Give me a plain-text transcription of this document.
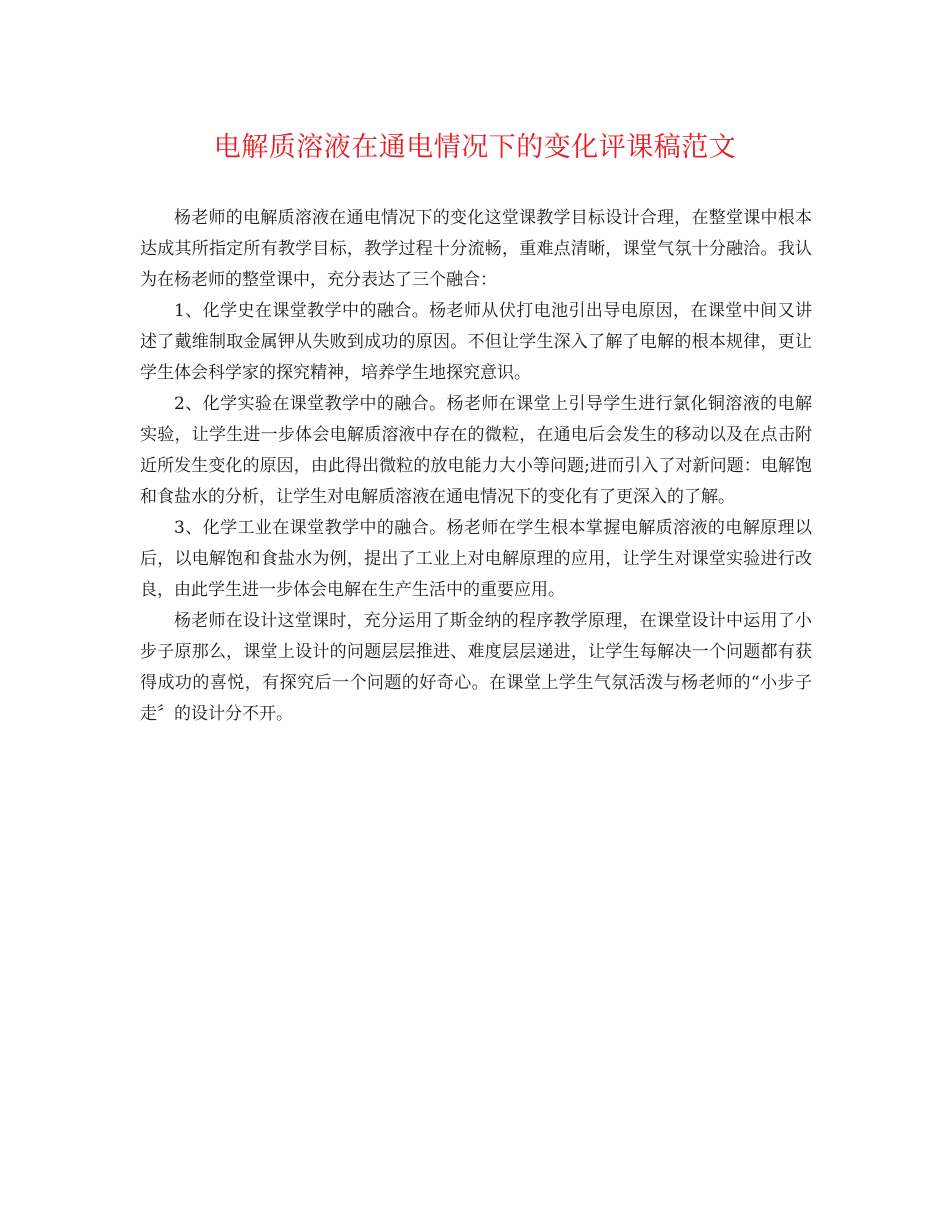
电解质溶液在通电情况下的变化评课稿范文

杨老师的电解质溶液在通电情况下的变化这堂课教学目标设计合理，在整堂课中根本达成其所指定所有教学目标，教学过程十分流畅，重难点清晰，课堂气氛十分融洽。我认为在杨老师的整堂课中，充分表达了三个融合：

1、化学史在课堂教学中的融合。杨老师从伏打电池引出导电原因，在课堂中间又讲述了戴维制取金属钾从失败到成功的原因。不但让学生深入了解了电解的根本规律，更让学生体会科学家的探究精神，培养学生地探究意识。

2、化学实验在课堂教学中的融合。杨老师在课堂上引导学生进行氯化铜溶液的电解实验，让学生进一步体会电解质溶液中存在的微粒，在通电后会发生的移动以及在点击附近所发生变化的原因，由此得出微粒的放电能力大小等问题;进而引入了对新问题：电解饱和食盐水的分析，让学生对电解质溶液在通电情况下的变化有了更深入的了解。

3、化学工业在课堂教学中的融合。杨老师在学生根本掌握电解质溶液的电解原理以后，以电解饱和食盐水为例，提出了工业上对电解原理的应用，让学生对课堂实验进行改良，由此学生进一步体会电解在生产生活中的重要应用。

杨老师在设计这堂课时，充分运用了斯金纳的程序教学原理，在课堂设计中运用了小步子原那么，课堂上设计的问题层层推进、难度层层递进，让学生每解决一个问题都有获得成功的喜悦，有探究后一个问题的好奇心。在课堂上学生气氛活泼与杨老师的“小步子走〞的设计分不开。
